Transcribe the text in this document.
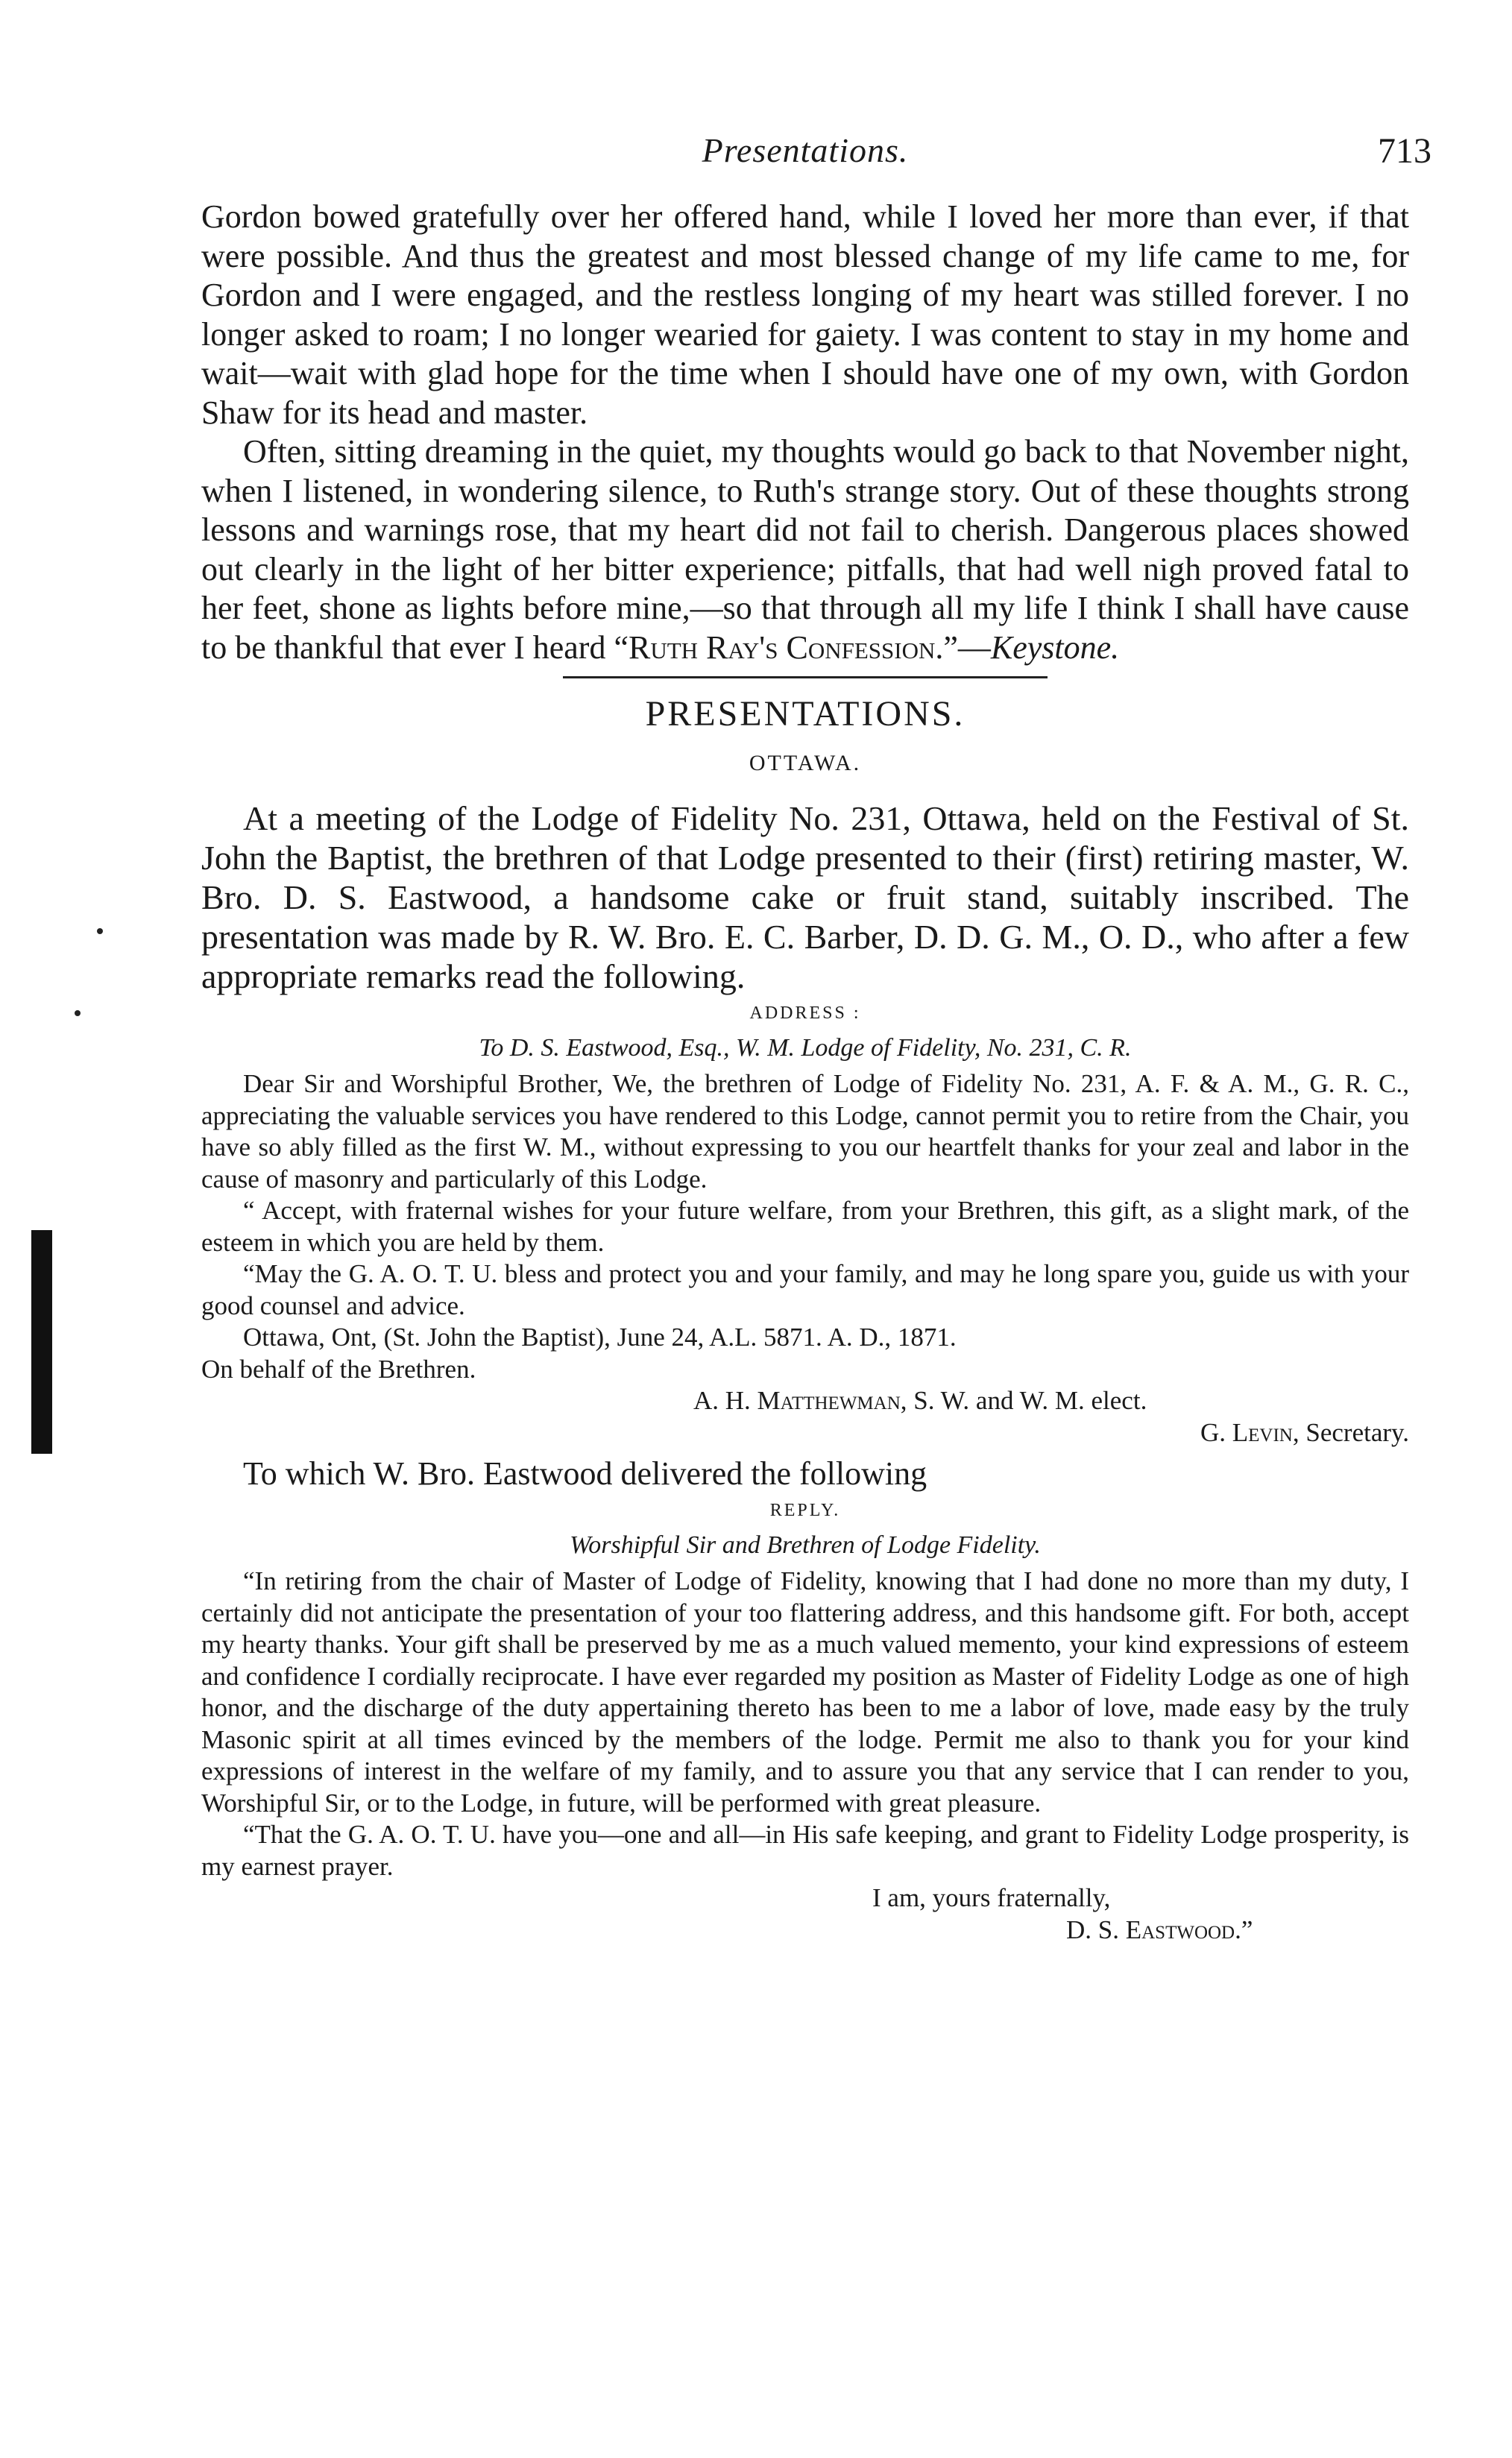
Presentations.	713

Gordon bowed gratefully over her offered hand, while I loved her more than ever, if that were possible. And thus the greatest and most blessed change of my life came to me, for Gordon and I were engaged, and the restless longing of my heart was stilled forever. I no longer asked to roam; I no longer wearied for gaiety. I was content to stay in my home and wait—wait with glad hope for the time when I should have one of my own, with Gordon Shaw for its head and master.

Often, sitting dreaming in the quiet, my thoughts would go back to that November night, when I listened, in wondering silence, to Ruth's strange story. Out of these thoughts strong lessons and warnings rose, that my heart did not fail to cherish. Dangerous places showed out clearly in the light of her bitter experience; pitfalls, that had well nigh proved fatal to her feet, shone as lights before mine,—so that through all my life I think I shall have cause to be thankful that ever I heard “Ruth Ray's Confession.”—Keystone.

PRESENTATIONS.
OTTAWA.

At a meeting of the Lodge of Fidelity No. 231, Ottawa, held on the Festival of St. John the Baptist, the brethren of that Lodge presented to their (first) retiring master, W. Bro. D. S. Eastwood, a handsome cake or fruit stand, suitably inscribed. The presentation was made by R. W. Bro. E. C. Barber, D. D. G. M., O. D., who after a few appropriate remarks read the following.

ADDRESS :
To D. S. Eastwood, Esq., W. M. Lodge of Fidelity, No. 231, C. R.

Dear Sir and Worshipful Brother, We, the brethren of Lodge of Fidelity No. 231, A. F. & A. M., G. R. C., appreciating the valuable services you have rendered to this Lodge, cannot permit you to retire from the Chair, you have so ably filled as the first W. M., without expressing to you our heartfelt thanks for your zeal and labor in the cause of masonry and particularly of this Lodge.

“ Accept, with fraternal wishes for your future welfare, from your Brethren, this gift, as a slight mark, of the esteem in which you are held by them.

“May the G. A. O. T. U. bless and protect you and your family, and may he long spare you, guide us with your good counsel and advice.

Ottawa, Ont, (St. John the Baptist), June 24, A.L. 5871. A. D., 1871.

On behalf of the Brethren.

A. H. Matthewman, S. W. and W. M. elect.

G. Levin, Secretary.

To which W. Bro. Eastwood delivered the following

REPLY.
Worshipful Sir and Brethren of Lodge Fidelity.

“In retiring from the chair of Master of Lodge of Fidelity, knowing that I had done no more than my duty, I certainly did not anticipate the presentation of your too flattering address, and this handsome gift. For both, accept my hearty thanks. Your gift shall be preserved by me as a much valued memento, your kind expressions of esteem and confidence I cordially reciprocate. I have ever regarded my position as Master of Fidelity Lodge as one of high honor, and the discharge of the duty appertaining thereto has been to me a labor of love, made easy by the truly Masonic spirit at all times evinced by the members of the lodge. Permit me also to thank you for your kind expressions of interest in the welfare of my family, and to assure you that any service that I can render to you, Worshipful Sir, or to the Lodge, in future, will be performed with great pleasure.

“That the G. A. O. T. U. have you—one and all—in His safe keeping, and grant to Fidelity Lodge prosperity, is my earnest prayer.

I am, yours fraternally,

D. S. Eastwood.”
